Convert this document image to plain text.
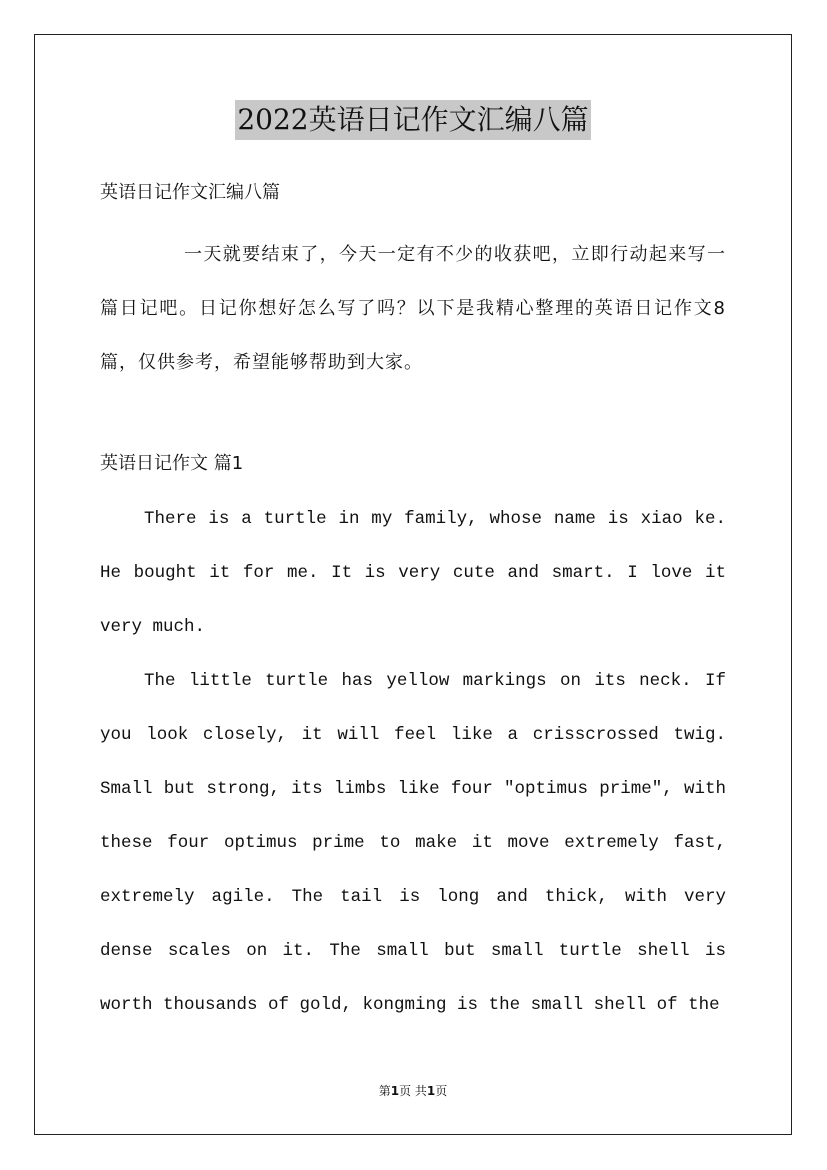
2022英语日记作文汇编八篇
英语日记作文汇编八篇

一天就要结束了，今天一定有不少的收获吧，立即行动起来写一篇日记吧。日记你想好怎么写了吗？以下是我精心整理的英语日记作文8篇，仅供参考，希望能够帮助到大家。

英语日记作文 篇1

There is a turtle in my family, whose name is xiao ke. He bought it for me. It is very cute and smart. I love it very much.

The little turtle has yellow markings on its neck. If you look closely, it will feel like a crisscrossed twig. Small but strong, its limbs like four "optimus prime", with these four optimus prime to make it move extremely fast, extremely agile. The tail is long and thick, with very dense scales on it. The small but small turtle shell is worth thousands of gold, kongming is the small shell of the

第1页 共1页
